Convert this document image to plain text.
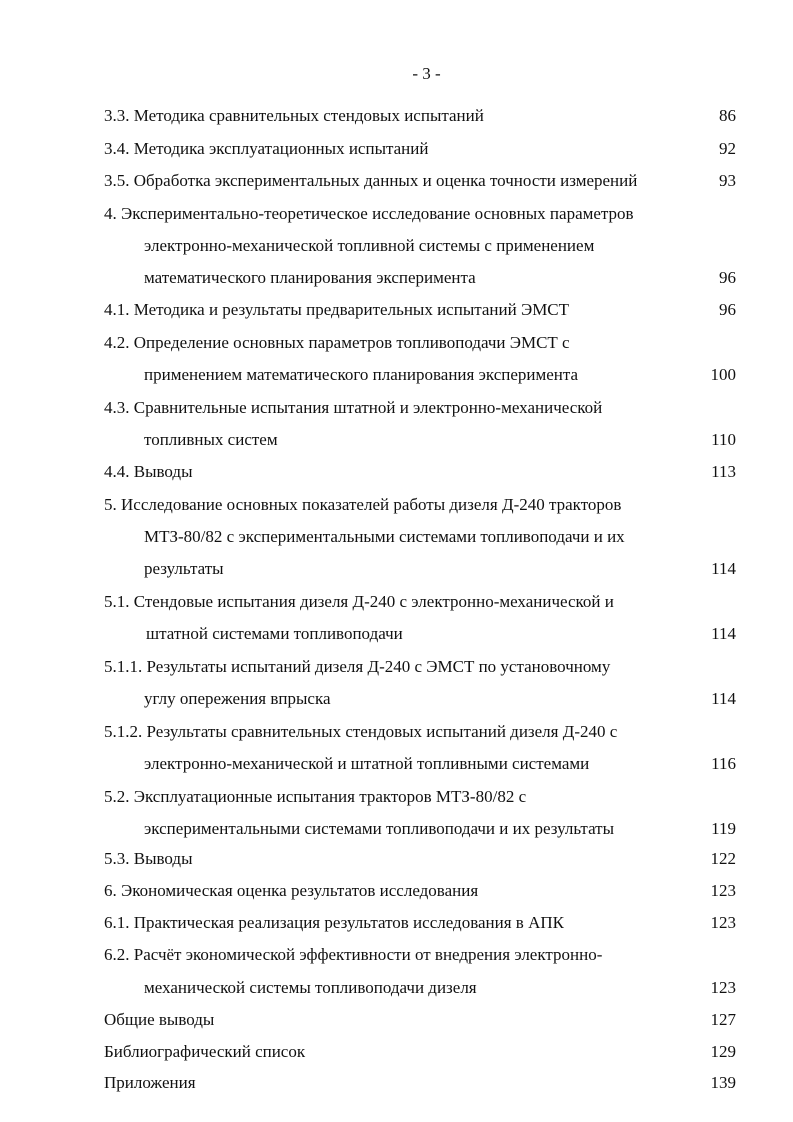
- 3 -
3.3. Методика сравнительных стендовых испытаний	86
3.4. Методика эксплуатационных испытаний	92
3.5. Обработка экспериментальных данных и оценка точности измерений	93
4. Экспериментально-теоретическое исследование основных параметров
электронно-механической топливной системы с применением
математического планирования эксперимента	96
4.1. Методика и результаты предварительных испытаний ЭМСТ	96
4.2. Определение основных параметров топливоподачи ЭМСТ с
применением математического планирования эксперимента	100
4.3. Сравнительные испытания штатной и электронно-механической
топливных систем	110
4.4. Выводы	113
5. Исследование основных показателей работы дизеля Д-240 тракторов
МТЗ-80/82 с экспериментальными системами топливоподачи и их
результаты	114
5.1. Стендовые испытания дизеля Д-240 с электронно-механической и
штатной системами топливоподачи	114
5.1.1. Результаты испытаний дизеля Д-240 с ЭМСТ по установочному
углу опережения впрыска	114
5.1.2. Результаты сравнительных стендовых испытаний дизеля Д-240 с
электронно-механической и штатной топливными системами	116
5.2. Эксплуатационные испытания тракторов МТЗ-80/82 с
экспериментальными системами топливоподачи и их результаты	119
5.3. Выводы	122
6. Экономическая оценка результатов исследования	123
6.1. Практическая реализация результатов исследования в АПК	123
6.2. Расчёт экономической эффективности от внедрения электронно-
механической системы топливоподачи дизеля	123
Общие выводы	127
Библиографический список	129
Приложения	139
